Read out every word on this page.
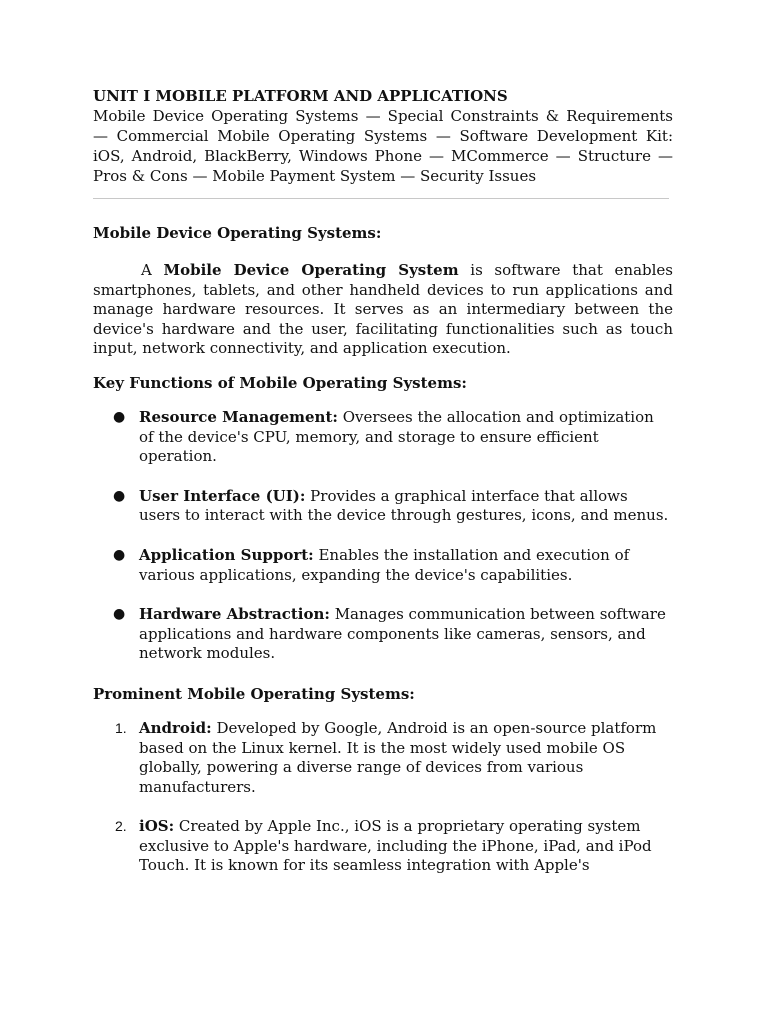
UNIT I MOBILE PLATFORM AND APPLICATIONS

Mobile Device Operating Systems — Special Constraints & Requirements — Commercial Mobile Operating Systems — Software Development Kit: iOS, Android, BlackBerry, Windows Phone — MCommerce — Structure — Pros & Cons — Mobile Payment System — Security Issues

Mobile Device Operating Systems:

A Mobile Device Operating System is software that enables smartphones, tablets, and other handheld devices to run applications and manage hardware resources. It serves as an intermediary between the device's hardware and the user, facilitating functionalities such as touch input, network connectivity, and application execution.

Key Functions of Mobile Operating Systems:

● Resource Management: Oversees the allocation and optimization of the device's CPU, memory, and storage to ensure efficient operation.
● User Interface (UI): Provides a graphical interface that allows users to interact with the device through gestures, icons, and menus.
● Application Support: Enables the installation and execution of various applications, expanding the device's capabilities.
● Hardware Abstraction: Manages communication between software applications and hardware components like cameras, sensors, and network modules.

Prominent Mobile Operating Systems:

1. Android: Developed by Google, Android is an open-source platform based on the Linux kernel. It is the most widely used mobile OS globally, powering a diverse range of devices from various manufacturers.
2. iOS: Created by Apple Inc., iOS is a proprietary operating system exclusive to Apple's hardware, including the iPhone, iPad, and iPod Touch. It is known for its seamless integration with Apple's
